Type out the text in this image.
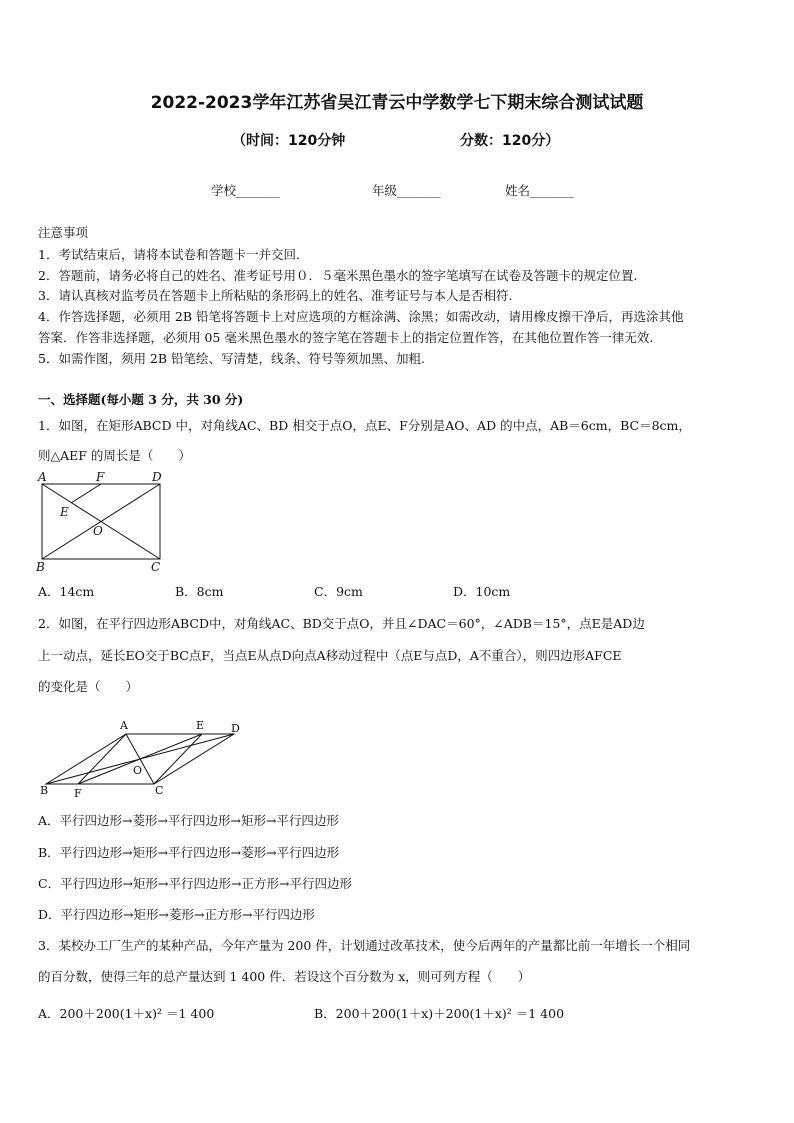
2022-2023学年江苏省吴江青云中学数学七下期末综合测试试题
（时间：120分钟	分数：120分）
学校_______	年级_______	姓名_______
注意事项
1．考试结束后，请将本试卷和答题卡一并交回.
2．答题前，请务必将自己的姓名、准考证号用０．５毫米黑色墨水的签字笔填写在试卷及答题卡的规定位置.
3．请认真核对监考员在答题卡上所粘贴的条形码上的姓名、准考证号与本人是否相符.
4．作答选择题，必须用 2B 铅笔将答题卡上对应选项的方框涂满、涂黑；如需改动，请用橡皮擦干净后，再选涂其他
答案．作答非选择题，必须用 05 毫米黑色墨水的签字笔在答题卡上的指定位置作答，在其他位置作答一律无效.
5．如需作图，须用 2B 铅笔绘、写清楚，线条、符号等须加黑、加粗.
一、选择题(每小题 3 分，共 30 分)
1．如图，在矩形ABCD 中，对角线AC、BD 相交于点O，点E、F分别是AO、AD 的中点，AB＝6cm，BC＝8cm，
则△AEF 的周长是（　　）
A	F	D
E
O
B	C
A．14cm	B．8cm	C．9cm	D．10cm
2．如图，在平行四边形ABCD中，对角线AC、BD交于点O，并且∠DAC＝60°，∠ADB＝15°，点E是AD边
上一动点，延长EO交于BC点F，当点E从点D向点A移动过程中（点E与点D，A不重合），则四边形AFCE
的变化是（　　）
A	E D
O
B F	C
A．平行四边形→菱形→平行四边形→矩形→平行四边形
B．平行四边形→矩形→平行四边形→菱形→平行四边形
C．平行四边形→矩形→平行四边形→正方形→平行四边形
D．平行四边形→矩形→菱形→正方形→平行四边形
3．某校办工厂生产的某种产品，今年产量为 200 件，计划通过改革技术，使今后两年的产量都比前一年增长一个相同
的百分数，使得三年的总产量达到 1 400 件．若设这个百分数为 x，则可列方程（　　）
A．200＋200(1＋x)² ＝1 400	B．200＋200(1＋x)＋200(1＋x)² ＝1 400
